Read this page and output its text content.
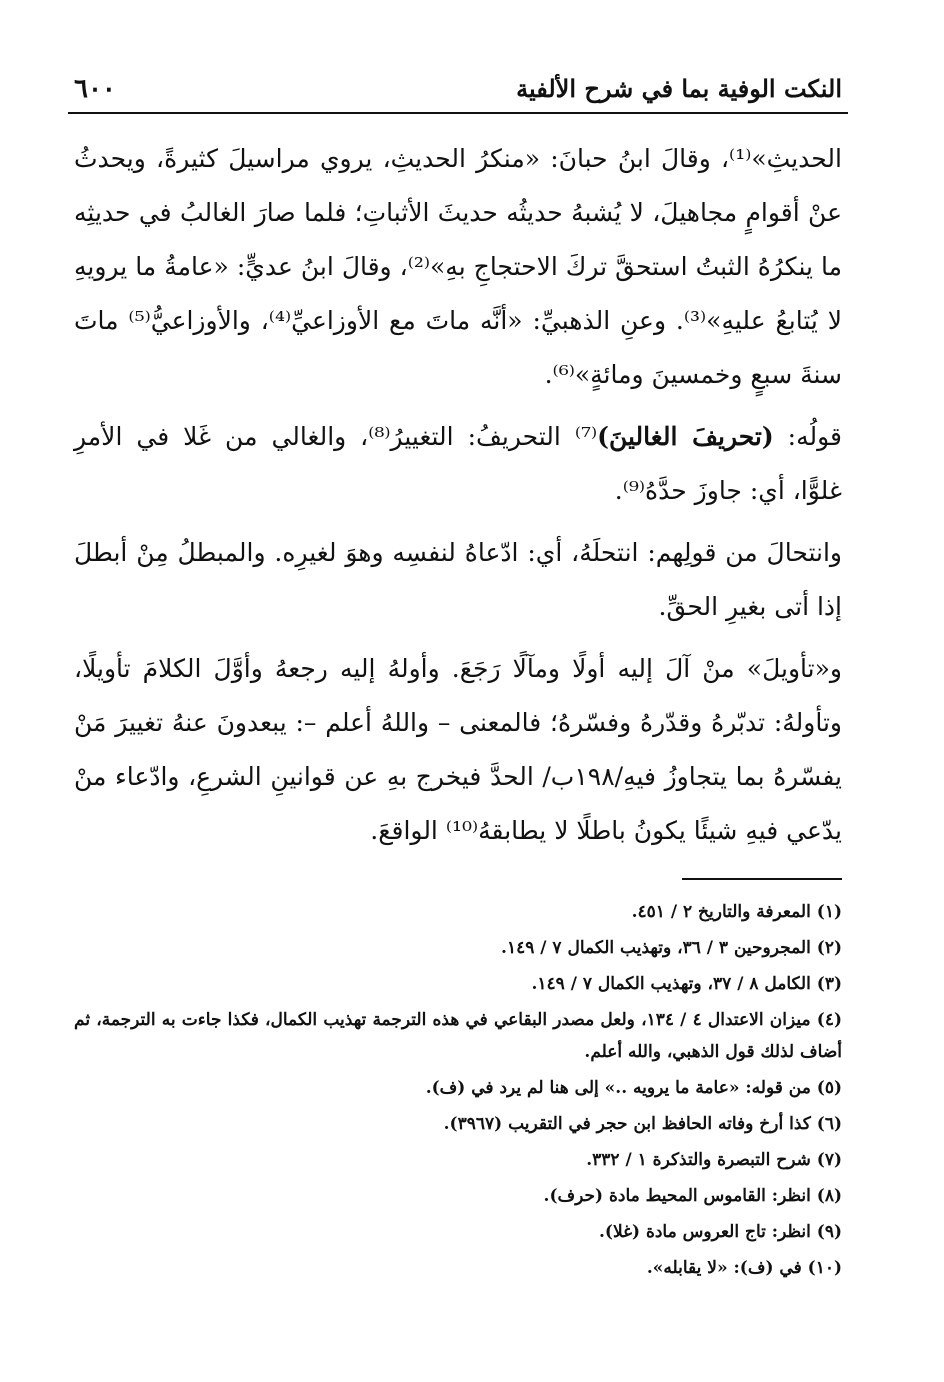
النكت الوفية بما في شرح الألفية
٦٠٠

الحديثِ»⁽¹⁾، وقالَ ابنُ حبانَ: «منكرُ الحديثِ، يروي مراسيلَ كثيرةً، ويحدثُ عنْ أقوامٍ مجاهيلَ، لا يُشبهُ حديثُه حديثَ الأثباتِ؛ فلما صارَ الغالبُ في حديثِه ما ينكرُهُ الثبتُ استحقَّ تركَ الاحتجاجِ بهِ»⁽²⁾، وقالَ ابنُ عديٍّ: «عامةُ ما يرويهِ لا يُتابعُ عليهِ»⁽³⁾. وعنِ الذهبيِّ: «أنَّه ماتَ مع الأوزاعيِّ⁽⁴⁾، والأوزاعيُّ⁽⁵⁾ ماتَ سنةَ سبعٍ وخمسينَ ومائةٍ»⁽⁶⁾.

قولُه: (تحريفَ الغالينَ)⁽⁷⁾ التحريفُ: التغييرُ⁽⁸⁾، والغالي من غَلا في الأمرِ غلوًّا، أي: جاوزَ حدَّهُ⁽⁹⁾.

وانتحالَ من قولِهم: انتحلَهُ، أي: ادّعاهُ لنفسِه وهوَ لغيرِه. والمبطلُ مِنْ أبطلَ إذا أتى بغيرِ الحقِّ.

و«تأويلَ» منْ آلَ إليه أولًا ومآلًا رَجَعَ. وأولهُ إليه رجعهُ وأوَّلَ الكلامَ تأويلًا، وتأولهُ: تدبّرهُ وقدّرهُ وفسّرهُ؛ فالمعنى – واللهُ أعلم –: يبعدونَ عنهُ تغييرَ مَنْ يفسّرهُ بما يتجاوزُ فيهِ/١٩٨ب/ الحدَّ فيخرج بهِ عن قوانينِ الشرعِ، وادّعاء منْ يدّعي فيهِ شيئًا يكونُ باطلًا لا يطابقهُ⁽¹⁰⁾ الواقعَ.

(١) المعرفة والتاريخ ٢ / ٤٥١.
(٢) المجروحين ٣ / ٣٦، وتهذيب الكمال ٧ / ١٤٩.
(٣) الكامل ٨ / ٣٧، وتهذيب الكمال ٧ / ١٤٩.
(٤) ميزان الاعتدال ٤ / ١٣٤، ولعل مصدر البقاعي في هذه الترجمة تهذيب الكمال، فكذا جاءت به الترجمة، ثم أضاف لذلك قول الذهبي، والله أعلم.
(٥) من قوله: «عامة ما يرويه ..» إلى هنا لم يرد في (ف).
(٦) كذا أرخ وفاته الحافظ ابن حجر في التقريب (٣٩٦٧).
(٧) شرح التبصرة والتذكرة ١ / ٣٣٢.
(٨) انظر: القاموس المحيط مادة (حرف).
(٩) انظر: تاج العروس مادة (غلا).
(١٠) في (ف): «لا يقابله».
